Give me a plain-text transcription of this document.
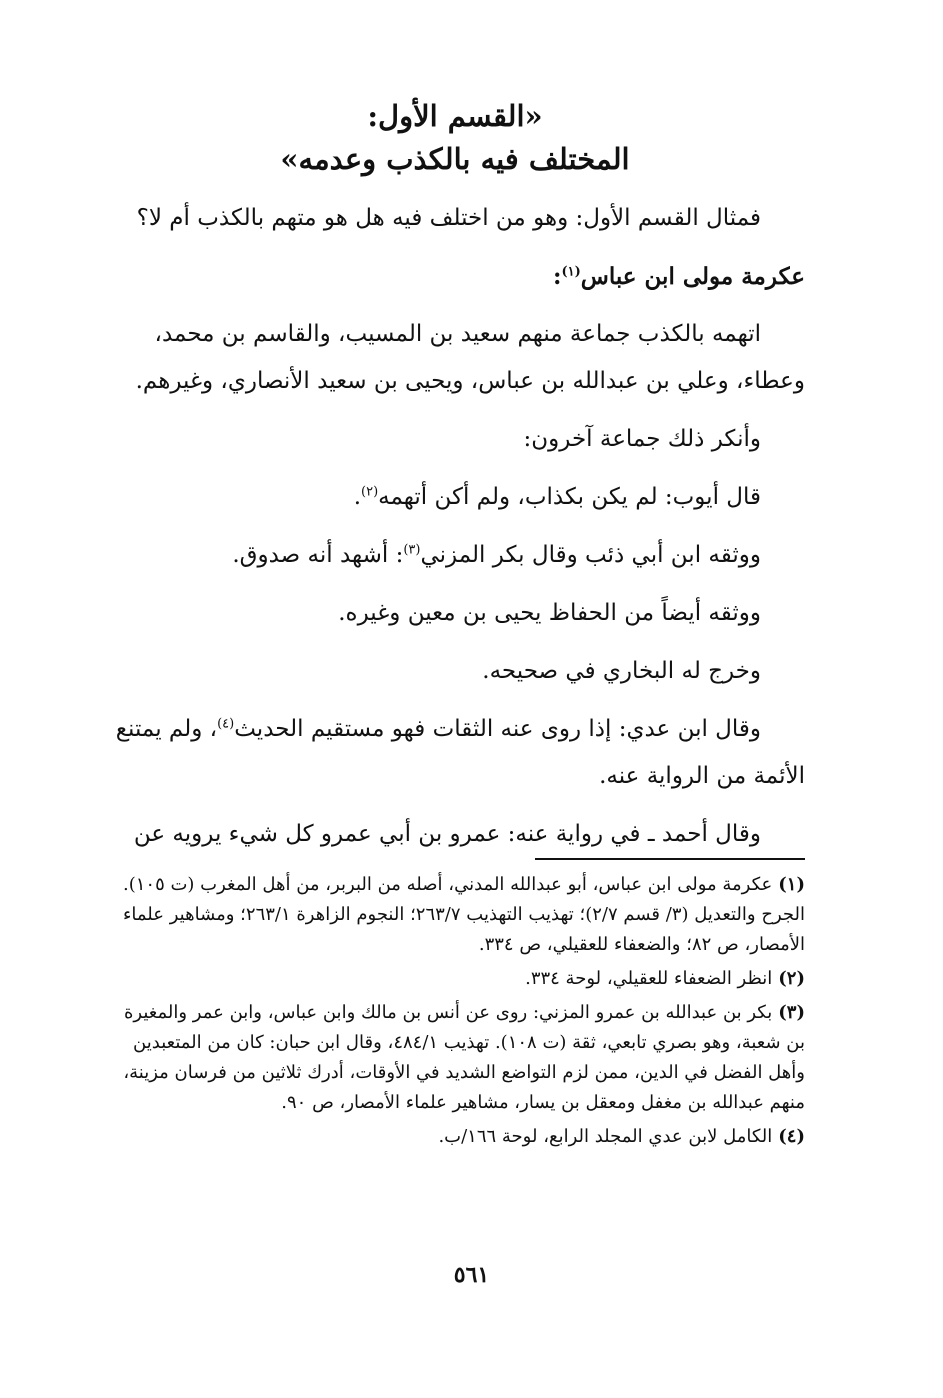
«القسم الأول:

المختلف فيه بالكذب وعدمه»

فمثال القسم الأول: وهو من اختلف فيه هل هو متهم بالكذب أم لا؟

عكرمة مولى ابن عباس$^{(١)}$:

اتهمه بالكذب جماعة منهم سعيد بن المسيب، والقاسم بن محمد، وعطاء، وعلي بن عبدالله بن عباس، ويحيى بن سعيد الأنصاري، وغيرهم.

وأنكر ذلك جماعة آخرون:

قال أيوب: لم يكن بكذاب، ولم أكن أتهمه$^{(٢)}$.

ووثقه ابن أبي ذئب وقال بكر المزني$^{(٣)}$: أشهد أنه صدوق.

ووثقه أيضاً من الحفاظ يحيى بن معين وغيره.

وخرج له البخاري في صحيحه.

وقال ابن عدي: إذا روى عنه الثقات فهو مستقيم الحديث$^{(٤)}$، ولم يمتنع الأئمة من الرواية عنه.

وقال أحمد ـ في رواية عنه: عمرو بن أبي عمرو كل شيء يرويه عن

(١)عكرمة مولى ابن عباس، أبو عبدالله المدني، أصله من البربر، من أهل المغرب (ت ١٠٥). الجرح والتعديل (٣/ قسم ٢/٧)؛ تهذيب التهذيب ٢٦٣/٧؛ النجوم الزاهرة ٢٦٣/١؛ ومشاهير علماء الأمصار، ص ٨٢؛ والضعفاء للعقيلي، ص ٣٣٤.
(٢)انظر الضعفاء للعقيلي، لوحة ٣٣٤.
(٣)بكر بن عبدالله بن عمرو المزني: روى عن أنس بن مالك وابن عباس، وابن عمر والمغيرة بن شعبة، وهو بصري تابعي، ثقة (ت ١٠٨). تهذيب ٤٨٤/١، وقال ابن حبان: كان من المتعبدين وأهل الفضل في الدين، ممن لزم التواضع الشديد في الأوقات، أدرك ثلاثين من فرسان مزينة، منهم عبدالله بن مغفل ومعقل بن يسار، مشاهير علماء الأمصار، ص ٩٠.
(٤)الكامل لابن عدي المجلد الرابع، لوحة ١٦٦/ب.
٥٦١
